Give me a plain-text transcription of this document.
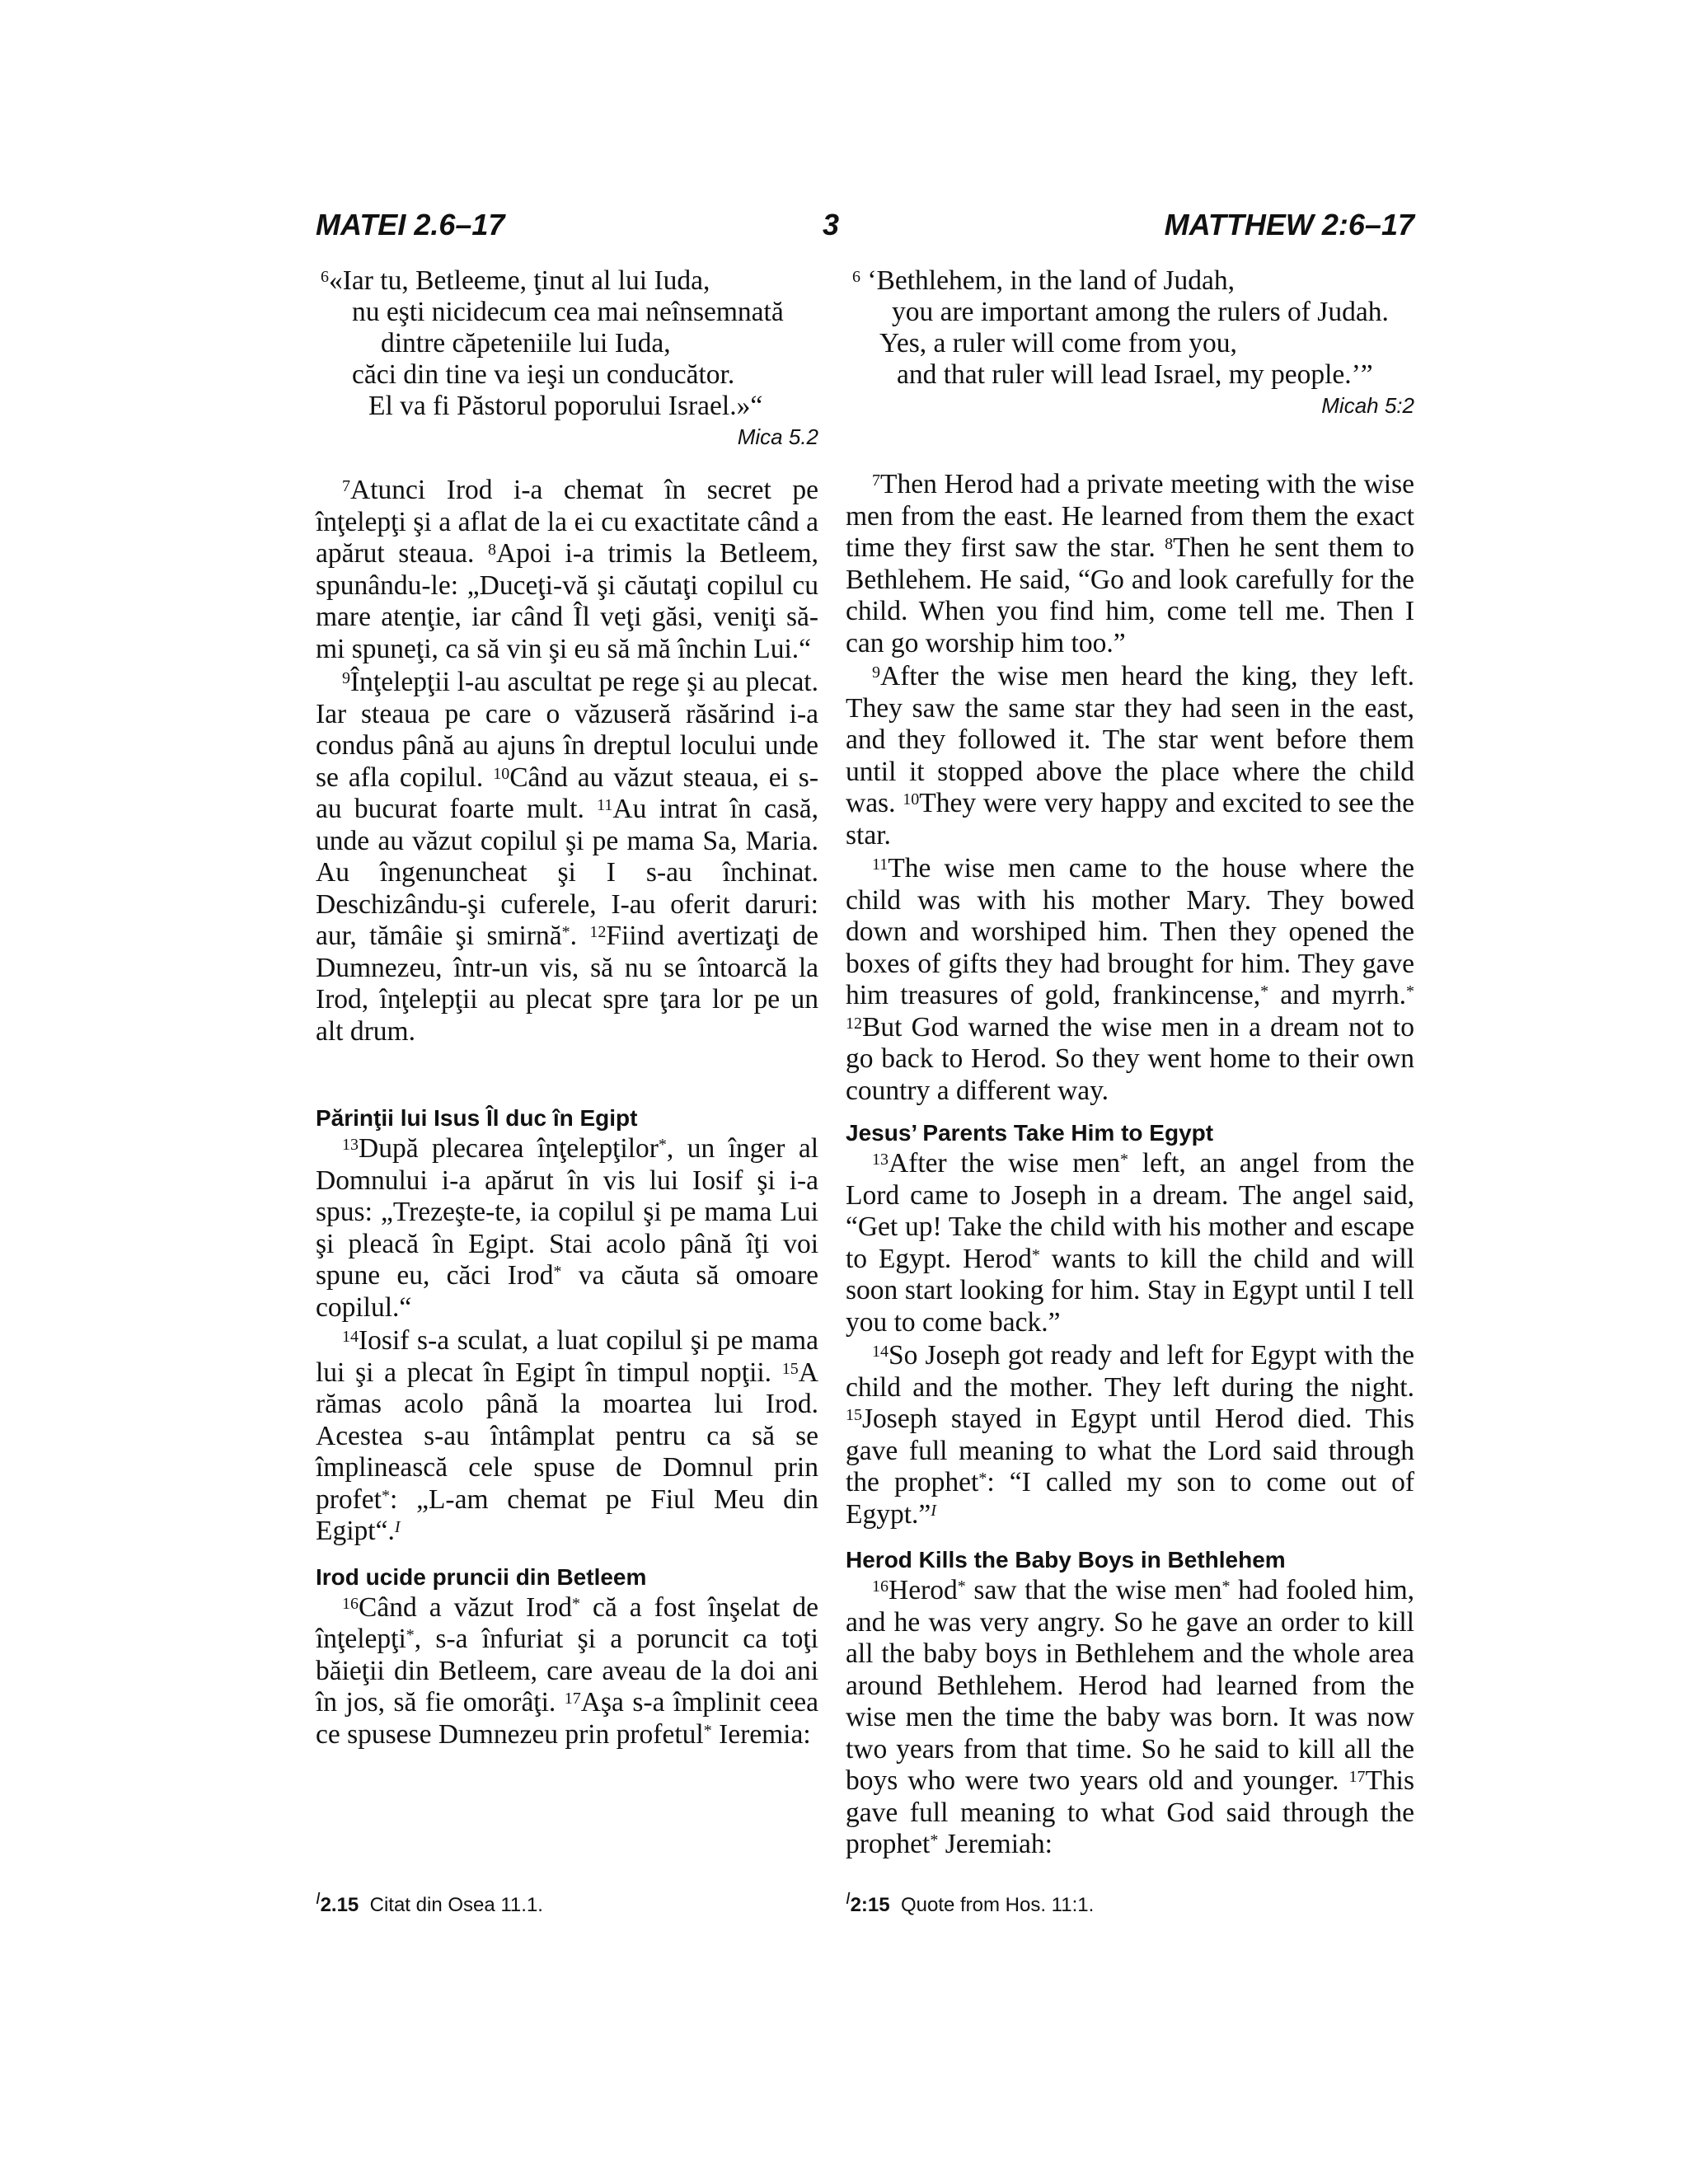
MATEI 2.6–17	3	MATTHEW 2:6–17
$^6$«Iar tu, Betleeme, ţinut al lui Iuda,
nu eşti nicidecum cea mai neînsemnată
dintre căpeteniile lui Iuda,
căci din tine va ieşi un conducător.
El va fi Păstorul poporului Israel.»“
Mica 5.2

$^7$Atunci Irod i-a chemat în secret pe înţelepţi şi a aflat de la ei cu exactitate când a apărut steaua. $^8$Apoi i-a trimis la Betleem, spunându-le: „Duceţi-vă şi căutaţi copilul cu mare atenţie, iar când Îl veţi găsi, veniţi să-mi spuneţi, ca să vin şi eu să mă închin Lui.“

$^9$Înţelepţii l-au ascultat pe rege şi au plecat. Iar steaua pe care o văzuseră răsărind i-a condus până au ajuns în dreptul locului unde se afla copilul. $^{10}$Când au văzut steaua, ei s-au bucurat foarte mult. $^{11}$Au intrat în casă, unde au văzut copilul şi pe mama Sa, Maria. Au îngenuncheat şi I s-au închinat. Deschizându-şi cuferele, I-au oferit daruri: aur, tămâie şi smirnă*. $^{12}$Fiind avertizaţi de Dumnezeu, într-un vis, să nu se întoarcă la Irod, înţelepţii au plecat spre ţara lor pe un alt drum.

Părinţii lui Isus Îl duc în Egipt

$^{13}$După plecarea înţelepţilor*, un înger al Domnului i-a apărut în vis lui Iosif şi i-a spus: „Trezeşte-te, ia copilul şi pe mama Lui şi pleacă în Egipt. Stai acolo până îţi voi spune eu, căci Irod* va căuta să omoare copilul.“

$^{14}$Iosif s-a sculat, a luat copilul şi pe mama lui şi a plecat în Egipt în timpul nopţii. $^{15}$A rămas acolo până la moartea lui Irod. Acestea s-au întâmplat pentru ca să se împlinească cele spuse de Domnul prin profet*: „L-am chemat pe Fiul Meu din Egipt“.$^I$

Irod ucide pruncii din Betleem

$^{16}$Când a văzut Irod* că a fost înşelat de înţelepţi*, s-a înfuriat şi a poruncit ca toţi băieţii din Betleem, care aveau de la doi ani în jos, să fie omorâţi. $^{17}$Aşa s-a împlinit ceea ce spusese Dumnezeu prin profetul* Ieremia:

$^6$ ‘Bethlehem, in the land of Judah,
you are important among the rulers of Judah.
Yes, a ruler will come from you,
and that ruler will lead Israel, my people.’”
Micah 5:2

$^7$Then Herod had a private meeting with the wise men from the east. He learned from them the exact time they first saw the star. $^8$Then he sent them to Bethlehem. He said, “Go and look carefully for the child. When you find him, come tell me. Then I can go worship him too.”

$^9$After the wise men heard the king, they left. They saw the same star they had seen in the east, and they followed it. The star went before them until it stopped above the place where the child was. $^{10}$They were very happy and excited to see the star.

$^{11}$The wise men came to the house where the child was with his mother Mary. They bowed down and worshiped him. Then they opened the boxes of gifts they had brought for him. They gave him treasures of gold, frankincense,* and myrrh.* $^{12}$But God warned the wise men in a dream not to go back to Herod. So they went home to their own country a different way.

Jesus’ Parents Take Him to Egypt

$^{13}$After the wise men* left, an angel from the Lord came to Joseph in a dream. The angel said, “Get up! Take the child with his mother and escape to Egypt. Herod* wants to kill the child and will soon start looking for him. Stay in Egypt until I tell you to come back.”

$^{14}$So Joseph got ready and left for Egypt with the child and the mother. They left during the night. $^{15}$Joseph stayed in Egypt until Herod died. This gave full meaning to what the Lord said through the prophet*: “I called my son to come out of Egypt.”$^I$

Herod Kills the Baby Boys in Bethlehem

$^{16}$Herod* saw that the wise men* had fooled him, and he was very angry. So he gave an order to kill all the baby boys in Bethlehem and the whole area around Bethlehem. Herod had learned from the wise men the time the baby was born. It was now two years from that time. So he said to kill all the boys who were two years old and younger. $^{17}$This gave full meaning to what God said through the prophet* Jeremiah:

$^I$2.15 Citat din Osea 11.1.	$^I$2:15 Quote from Hos. 11:1.
